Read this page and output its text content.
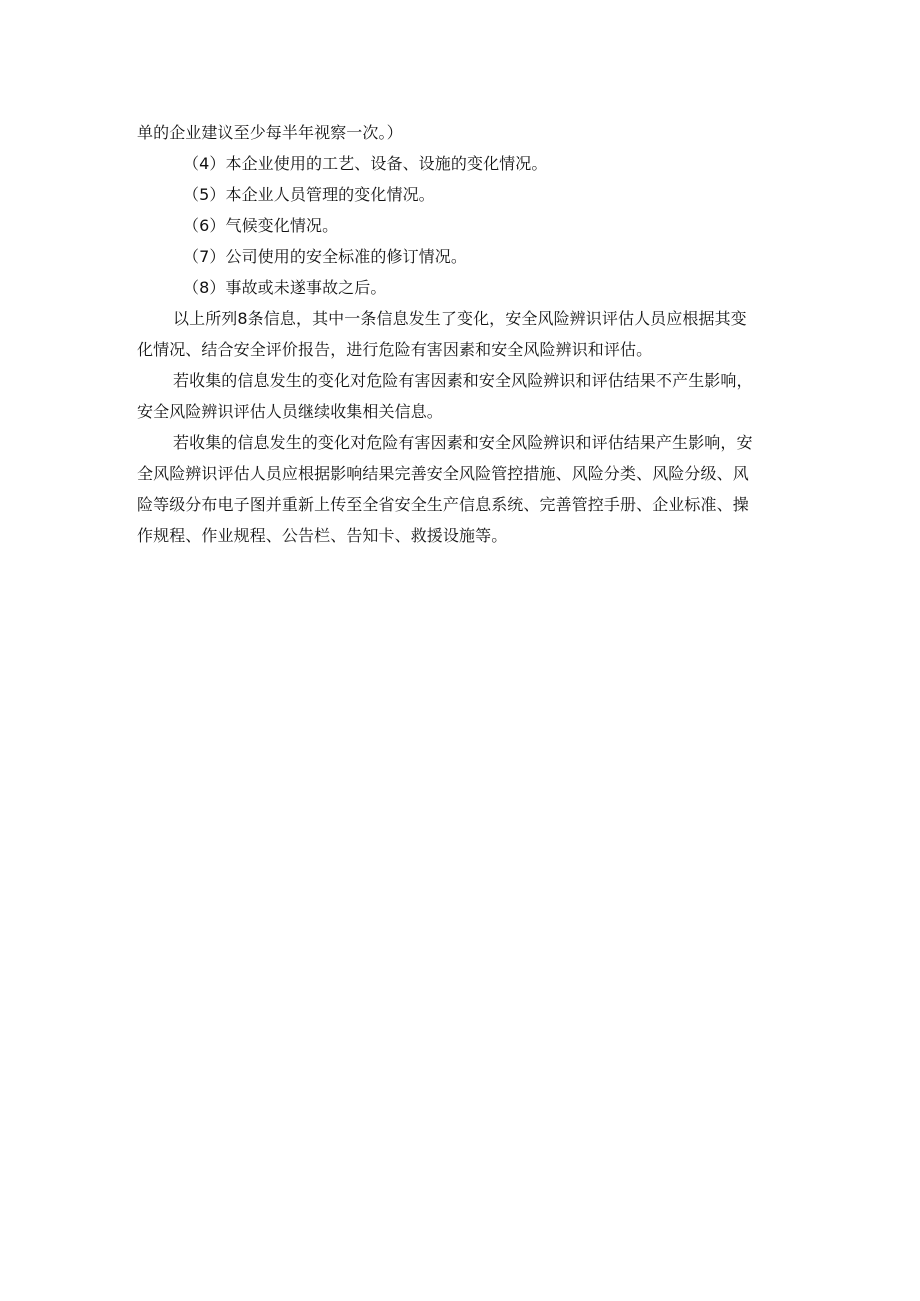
单的企业建议至少每半年视察一次。）
（4）本企业使用的工艺、设备、设施的变化情况。
（5）本企业人员管理的变化情况。
（6）气候变化情况。
（7）公司使用的安全标准的修订情况。
（8）事故或未遂事故之后。
以上所列8条信息，其中一条信息发生了变化，安全风险辨识评估人员应根据其变
化情况、结合安全评价报告，进行危险有害因素和安全风险辨识和评估。
若收集的信息发生的变化对危险有害因素和安全风险辨识和评估结果不产生影响，
安全风险辨识评估人员继续收集相关信息。
若收集的信息发生的变化对危险有害因素和安全风险辨识和评估结果产生影响，安
全风险辨识评估人员应根据影响结果完善安全风险管控措施、风险分类、风险分级、风
险等级分布电子图并重新上传至全省安全生产信息系统、完善管控手册、企业标准、操
作规程、作业规程、公告栏、告知卡、救援设施等。
